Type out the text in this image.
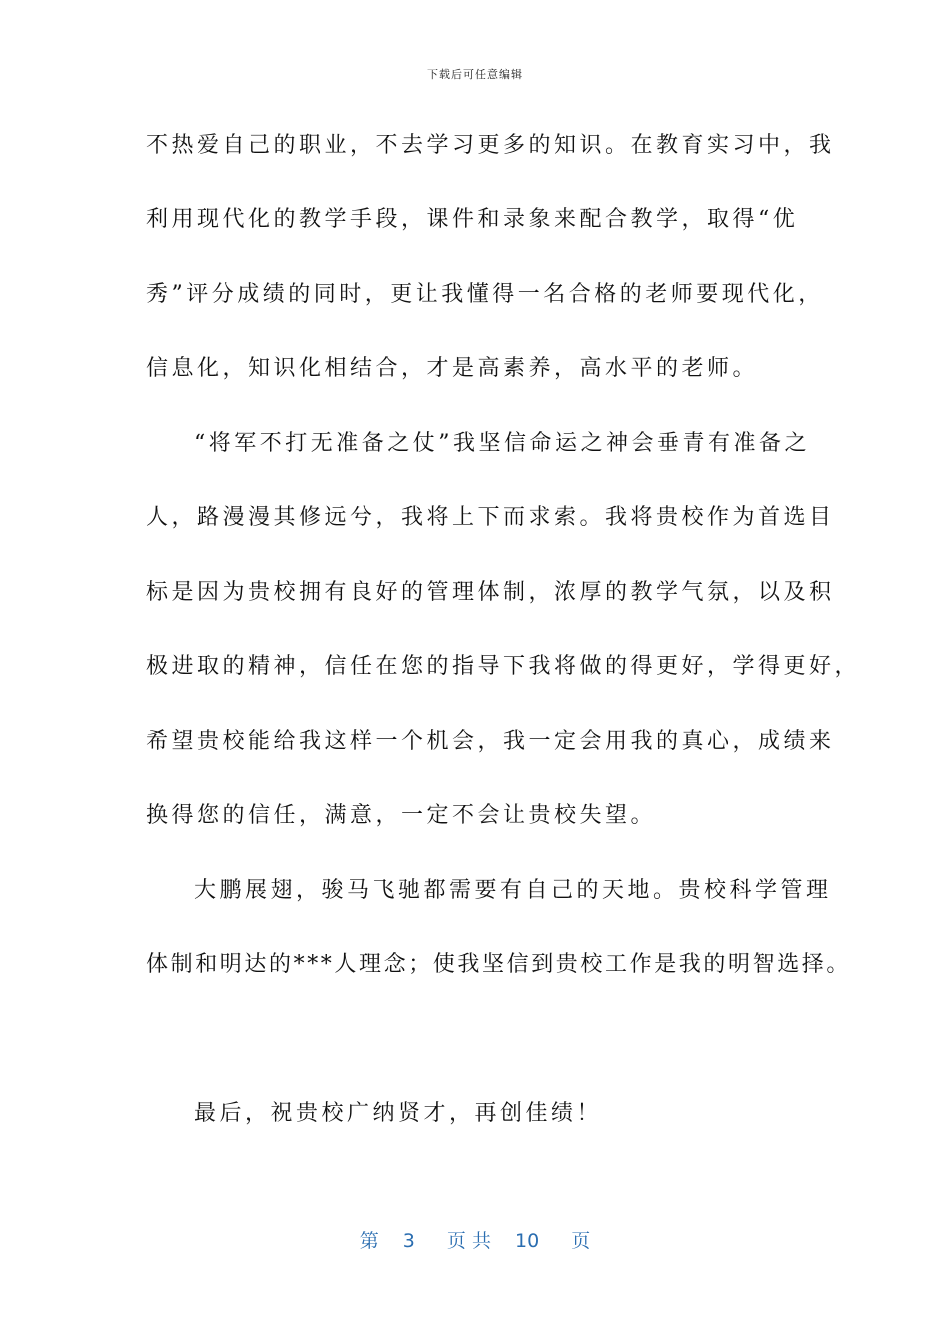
下载后可任意编辑
不热爱自己的职业，不去学习更多的知识。在教育实习中，我
利用现代化的教学手段，课件和录象来配合教学，取得“优
秀”评分成绩的同时，更让我懂得一名合格的老师要现代化，
信息化，知识化相结合，才是高素养，高水平的老师。
“将军不打无准备之仗”我坚信命运之神会垂青有准备之
人，路漫漫其修远兮，我将上下而求索。我将贵校作为首选目
标是因为贵校拥有良好的管理体制，浓厚的教学气氛，以及积
极进取的精神，信任在您的指导下我将做的得更好，学得更好，
希望贵校能给我这样一个机会，我一定会用我的真心，成绩来
换得您的信任，满意，一定不会让贵校失望。
大鹏展翅，骏马飞驰都需要有自己的天地。贵校科学管理
体制和明达的***人理念；使我坚信到贵校工作是我的明智选择。
最后，祝贵校广纳贤才，再创佳绩！
第 3 页 共 10 页
